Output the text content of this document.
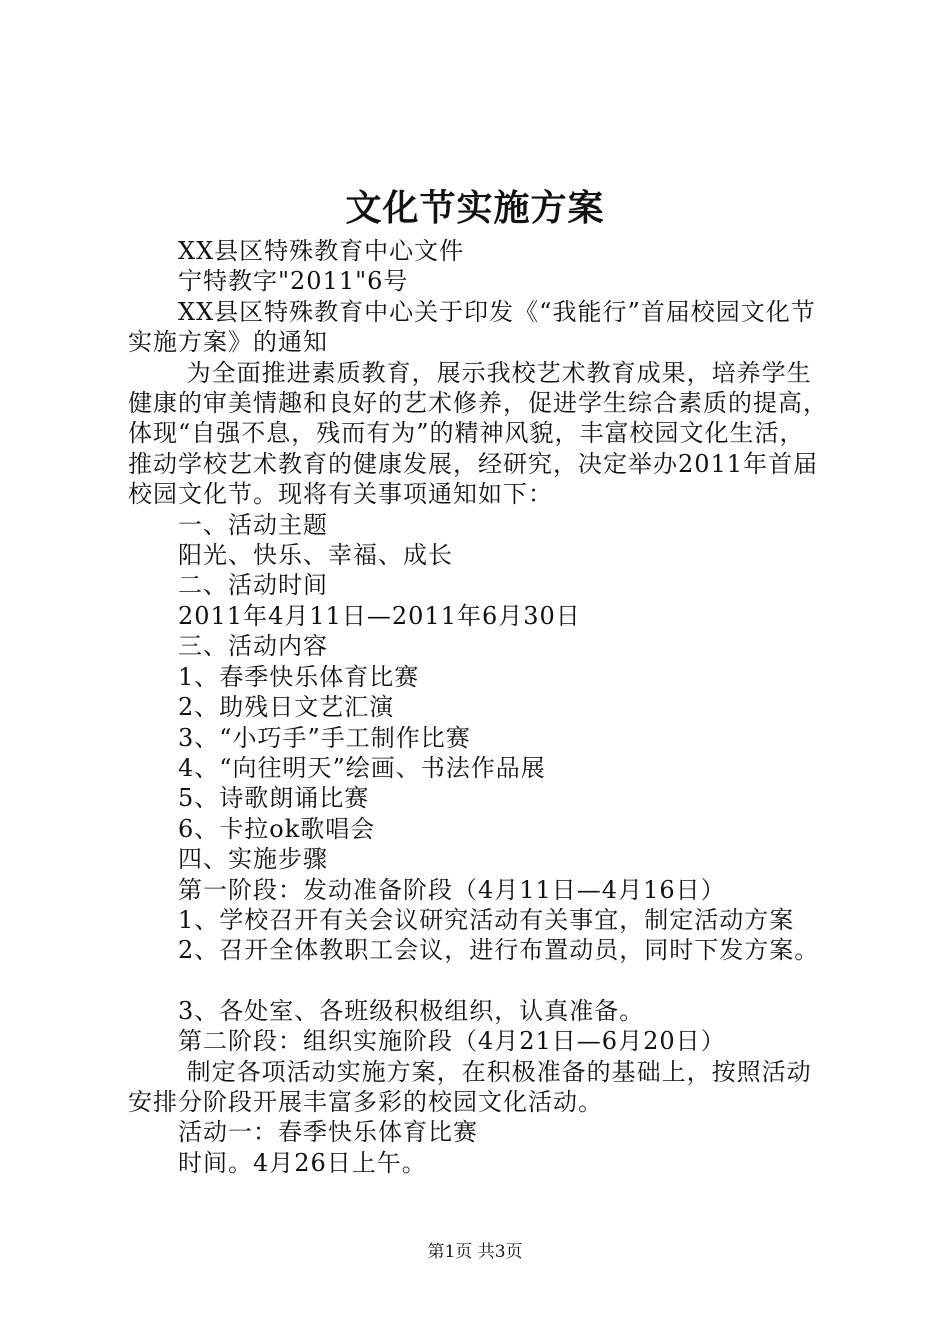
文化节实施方案

XX县区特殊教育中心文件

宁特教字"2011"6号

XX县区特殊教育中心关于印发《“我能行”首届校园文化节实施方案》的通知

为全面推进素质教育，展示我校艺术教育成果，培养学生健康的审美情趣和良好的艺术修养，促进学生综合素质的提高，体现“自强不息，残而有为”的精神风貌，丰富校园文化生活，推动学校艺术教育的健康发展，经研究，决定举办2011年首届校园文化节。现将有关事项通知如下：

一、活动主题

阳光、快乐、幸福、成长

二、活动时间

2011年4月11日—2011年6月30日

三、活动内容

1、春季快乐体育比赛

2、助残日文艺汇演

3、“小巧手”手工制作比赛

4、“向往明天”绘画、书法作品展

5、诗歌朗诵比赛

6、卡拉ok歌唱会

四、实施步骤

第一阶段：发动准备阶段（4月11日—4月16日）

1、学校召开有关会议研究活动有关事宜，制定活动方案

2、召开全体教职工会议，进行布置动员，同时下发方案。

3、各处室、各班级积极组织，认真准备。

第二阶段：组织实施阶段（4月21日—6月20日）

制定各项活动实施方案，在积极准备的基础上，按照活动安排分阶段开展丰富多彩的校园文化活动。

活动一：春季快乐体育比赛

时间。4月26日上午。

第1页 共3页
